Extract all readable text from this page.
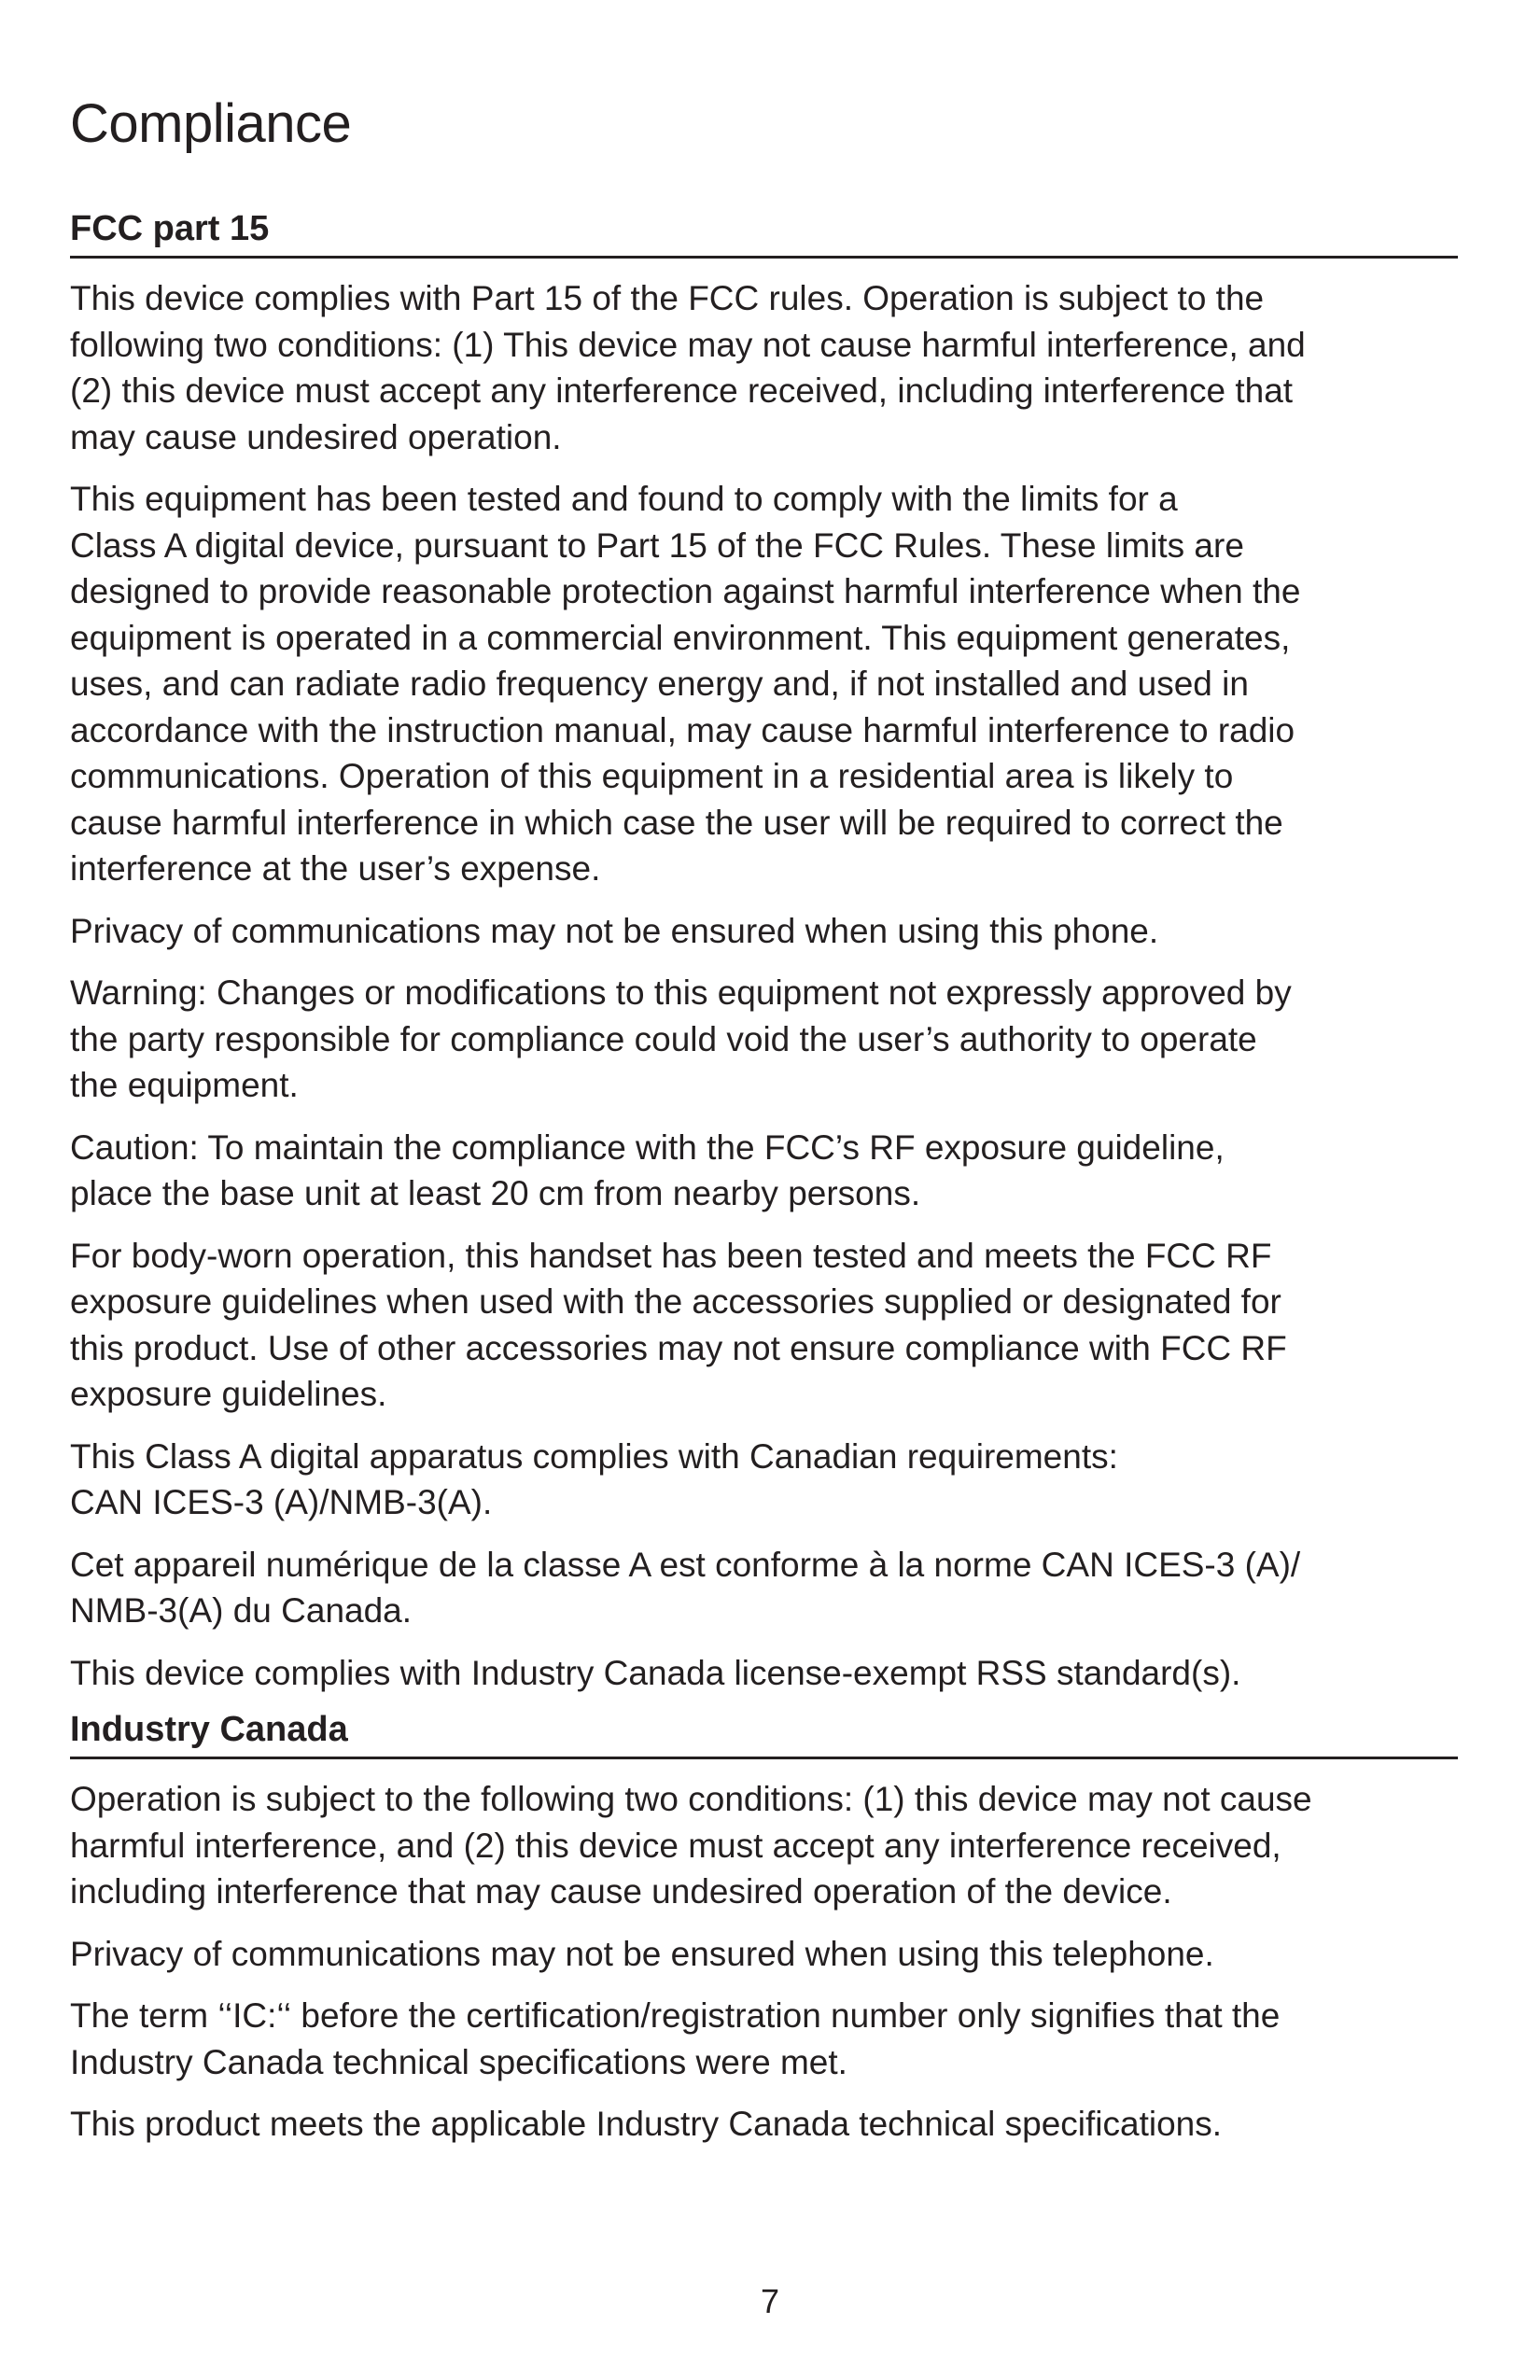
Compliance
FCC part 15

This device complies with Part 15 of the FCC rules. Operation is subject to the
following two conditions: (1) This device may not cause harmful interference, and
(2) this device must accept any interference received, including interference that
may cause undesired operation.

This equipment has been tested and found to comply with the limits for a
Class A digital device, pursuant to Part 15 of the FCC Rules. These limits are
designed to provide reasonable protection against harmful interference when the
equipment is operated in a commercial environment. This equipment generates,
uses, and can radiate radio frequency energy and, if not installed and used in
accordance with the instruction manual, may cause harmful interference to radio
communications. Operation of this equipment in a residential area is likely to
cause harmful interference in which case the user will be required to correct the
interference at the user’s expense.

Privacy of communications may not be ensured when using this phone.

Warning: Changes or modifications to this equipment not expressly approved by
the party responsible for compliance could void the user’s authority to operate
the equipment.

Caution: To maintain the compliance with the FCC’s RF exposure guideline,
place the base unit at least 20 cm from nearby persons.

For body-worn operation, this handset has been tested and meets the FCC RF
exposure guidelines when used with the accessories supplied or designated for
this product. Use of other accessories may not ensure compliance with FCC RF
exposure guidelines.

This Class A digital apparatus complies with Canadian requirements:
CAN ICES-3 (A)/NMB-3(A).

Cet appareil numérique de la classe A est conforme à la norme CAN ICES-3 (A)/
NMB-3(A) du Canada.

This device complies with Industry Canada license-exempt RSS standard(s).

Industry Canada

Operation is subject to the following two conditions: (1) this device may not cause
harmful interference, and (2) this device must accept any interference received,
including interference that may cause undesired operation of the device.

Privacy of communications may not be ensured when using this telephone.

The term ‘‘IC:‘‘ before the certification/registration number only signifies that the
Industry Canada technical specifications were met.

This product meets the applicable Industry Canada technical specifications.

7
